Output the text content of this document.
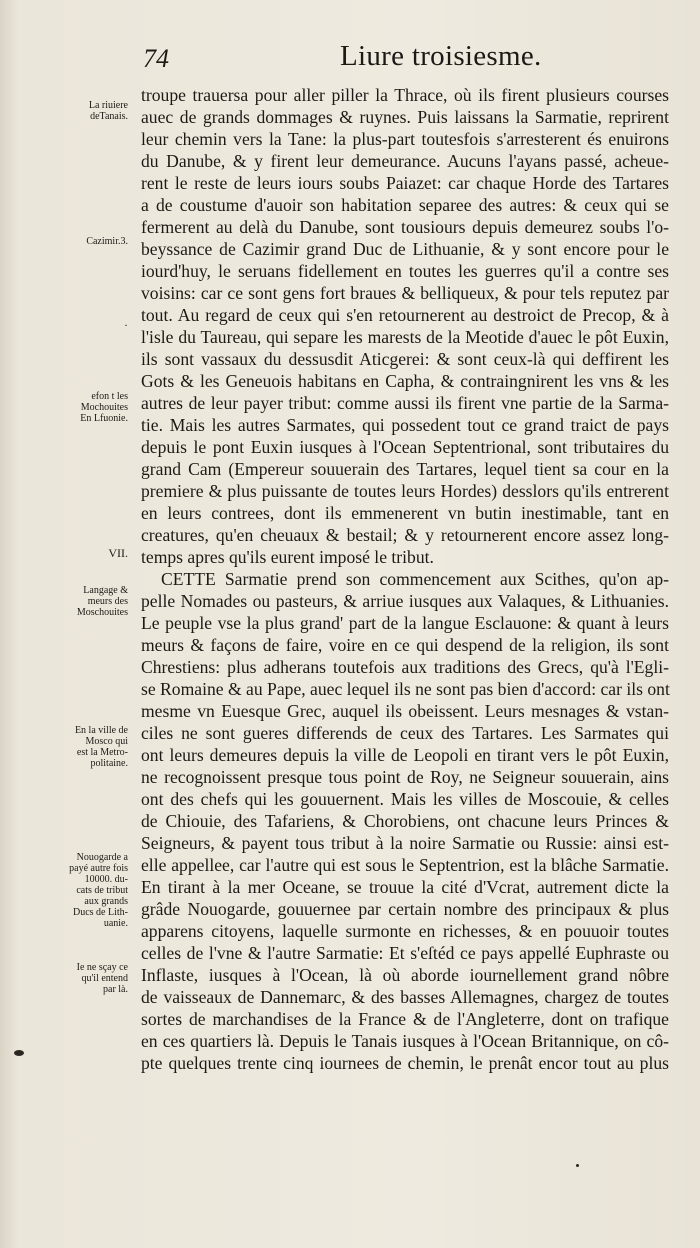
74	Liure troisiesme.
La riuiere
deTanais.
Cazimir.3.
efon t les
Mochouites
En Lfuonie.
VII.
Langage &
meurs des
Moschouites
En la ville de
Mosco qui
est la Metro-
politaine.
Nouogarde a
payé autre fois
10000. du-
cats de tribut
aux grands
Ducs de Lith-
uanie.
Ie ne sçay ce
qu'il entend
par là.
troupe trauersa pour aller piller la Thrace, où ils firent plusieurs courses
auec de grands dommages & ruynes. Puis laissans la Sarmatie, reprirent
leur chemin vers la Tane: la plus-part toutesfois s'arresterent és enuirons
du Danube, & y firent leur demeurance. Aucuns l'ayans passé, acheue-
rent le reste de leurs iours soubs Paiazet: car chaque Horde des Tartares
a de coustume d'auoir son habitation separee des autres: & ceux qui se
fermerent au delà du Danube, sont tousiours depuis demeurez soubs l'o-
beyssance de Cazimir grand Duc de Lithuanie, & y sont encore pour le
iourd'huy, le seruans fidellement en toutes les guerres qu'il a contre ses
voisins: car ce sont gens fort braues & belliqueux, & pour tels reputez par
tout. Au regard de ceux qui s'en retournerent au destroict de Precop, & à
l'isle du Taureau, qui separe les marests de la Meotide d'auec le pôt Euxin,
ils sont vassaux du dessusdit Aticgerei: & sont ceux-là qui deffirent les
Gots & les Geneuois habitans en Capha, & contraingnirent les vns & les
autres de leur payer tribut: comme aussi ils firent vne partie de la Sarma-
tie. Mais les autres Sarmates, qui possedent tout ce grand traict de pays
depuis le pont Euxin iusques à l'Ocean Septentrional, sont tributaires du
grand Cam (Empereur souuerain des Tartares, lequel tient sa cour en la
premiere & plus puissante de toutes leurs Hordes) desslors qu'ils entrerent
en leurs contrees, dont ils emmenerent vn butin inestimable, tant en
creatures, qu'en cheuaux & bestail; & y retournerent encore assez long-
temps apres qu'ils eurent imposé le tribut.
CETTE Sarmatie prend son commencement aux Scithes, qu'on ap-
pelle Nomades ou pasteurs, & arriue iusques aux Valaques, & Lithuanies.
Le peuple vse la plus grand' part de la langue Esclauone: & quant à leurs
meurs & façons de faire, voire en ce qui despend de la religion, ils sont
Chrestiens: plus adherans toutefois aux traditions des Grecs, qu'à l'Egli-
se Romaine & au Pape, auec lequel ils ne sont pas bien d'accord: car ils ont
mesme vn Euesque Grec, auquel ils obeissent. Leurs mesnages & vstan-
ciles ne sont gueres differends de ceux des Tartares. Les Sarmates qui
ont leurs demeures depuis la ville de Leopoli en tirant vers le pôt Euxin,
ne recognoissent presque tous point de Roy, ne Seigneur souuerain, ains
ont des chefs qui les gouuernent. Mais les villes de Moscouie, & celles
de Chiouie, des Tafariens, & Chorobiens, ont chacune leurs Princes &
Seigneurs, & payent tous tribut à la noire Sarmatie ou Russie: ainsi est-
elle appellee, car l'autre qui est sous le Septentrion, est la blâche Sarmatie.
En tirant à la mer Oceane, se trouue la cité d'Vcrat, autrement dicte la
grâde Nouogarde, gouuernee par certain nombre des principaux & plus
apparens citoyens, laquelle surmonte en richesses, & en pouuoir toutes
celles de l'vne & l'autre Sarmatie: Et s'eſtéd ce pays appellé Euphraste ou
Inflaste, iusques à l'Ocean, là où aborde iournellement grand nôbre
de vaisseaux de Dannemarc, & des basses Allemagnes, chargez de toutes
sortes de marchandises de la France & de l'Angleterre, dont on trafique
en ces quartiers là. Depuis le Tanais iusques à l'Ocean Britannique, on cô-
pte quelques trente cinq iournees de chemin, le prenât encor tout au plus
·
